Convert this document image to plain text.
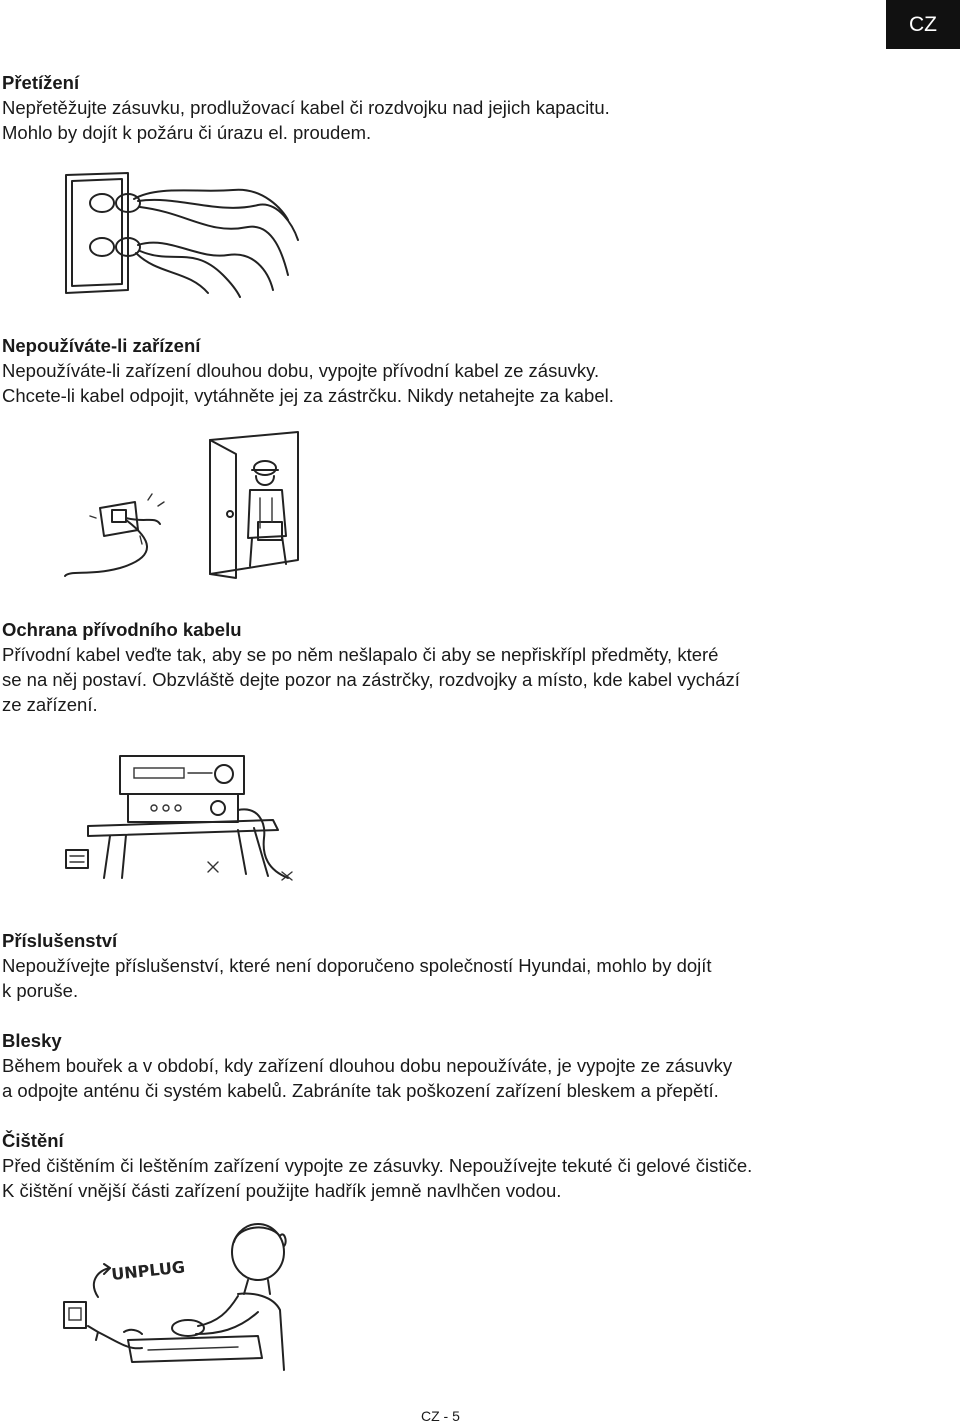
CZ
Přetížení

Nepřetěžujte zásuvku, prodlužovací kabel či rozdvojku nad jejich kapacitu.

Mohlo by dojít k požáru či úrazu el. proudem.

Nepoužíváte-li zařízení

Nepoužíváte-li zařízení dlouhou dobu, vypojte přívodní kabel ze zásuvky.

Chcete-li kabel odpojit, vytáhněte jej za zástrčku. Nikdy netahejte za kabel.

Ochrana přívodního kabelu

Přívodní kabel veďte tak, aby se po něm nešlapalo či aby se nepřiskřípl předměty, které

se na něj postaví. Obzvláště dejte pozor na zástrčky, rozdvojky a místo, kde kabel vychází

ze zařízení.

Příslušenství

Nepoužívejte příslušenství, které není doporučeno společností Hyundai, mohlo by dojít

k poruše.

Blesky

Během bouřek a v období, kdy zařízení dlouhou dobu nepoužíváte, je vypojte ze zásuvky

a odpojte anténu či systém kabelů. Zabráníte tak poškození zařízení bleskem a přepětí.

Čištění

Před čištěním či leštěním zařízení vypojte ze zásuvky. Nepoužívejte tekuté či gelové čističe.

K čištění vnější části zařízení použijte hadřík jemně navlhčen vodou.

UNPLUG
CZ - 5
